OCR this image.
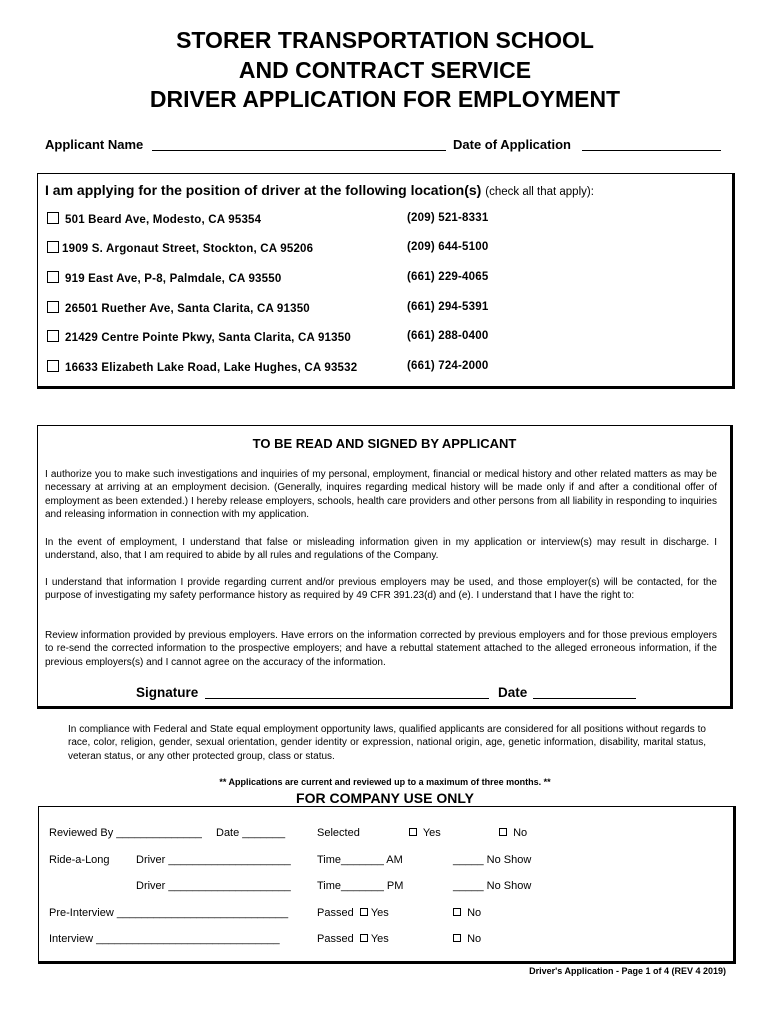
STORER TRANSPORTATION SCHOOL
AND CONTRACT SERVICE
DRIVER APPLICATION FOR EMPLOYMENT
Applicant Name	Date of Application
I am applying for the position of driver at the following location(s) (check all that apply):
501 Beard Ave, Modesto, CA 95354	(209) 521-8331
1909 S. Argonaut Street, Stockton, CA 95206	(209) 644-5100
919 East Ave, P-8, Palmdale, CA 93550	(661) 229-4065
26501 Ruether Ave, Santa Clarita, CA 91350	(661) 294-5391
21429 Centre Pointe Pkwy, Santa Clarita, CA 91350	(661) 288-0400
16633 Elizabeth Lake Road, Lake Hughes, CA 93532	(661) 724-2000
TO BE READ AND SIGNED BY APPLICANT
I authorize you to make such investigations and inquiries of my personal, employment, financial or medical history and other related matters as may be necessary at arriving at an employment decision. (Generally, inquires regarding medical history will be made only if and after a conditional offer of employment as been extended.) I hereby release employers, schools, health care providers and other persons from all liability in responding to inquiries and releasing information in connection with my application.
In the event of employment, I understand that false or misleading information given in my application or interview(s) may result in discharge. I understand, also, that I am required to abide by all rules and regulations of the Company.
I understand that information I provide regarding current and/or previous employers may be used, and those employer(s) will be contacted, for the purpose of investigating my safety performance history as required by 49 CFR 391.23(d) and (e). I understand that I have the right to:
Review information provided by previous employers. Have errors on the information corrected by previous employers and for those previous employers to re-send the corrected information to the prospective employers; and have a rebuttal statement attached to the alleged erroneous information, if the previous employers(s) and I cannot agree on the accuracy of the information.
Signature	Date
In compliance with Federal and State equal employment opportunity laws, qualified applicants are considered for all positions without regards to race, color, religion, gender, sexual orientation, gender identity or expression, national origin, age, genetic information, disability, marital status, veteran status, or any other protected group, class or status.
** Applications are current and reviewed up to a maximum of three months. **
FOR COMPANY USE ONLY
Reviewed By ______________ Date _______	Selected	Yes	No
Ride-a-Long Driver ____________________ Time_______ AM	_____ No Show
Driver ____________________ Time_______ PM	_____ No Show
Pre-Interview ____________________________	Passed Yes	No
Interview ______________________________	Passed Yes	No
Driver's Application - Page 1 of 4 (REV 4 2019)
